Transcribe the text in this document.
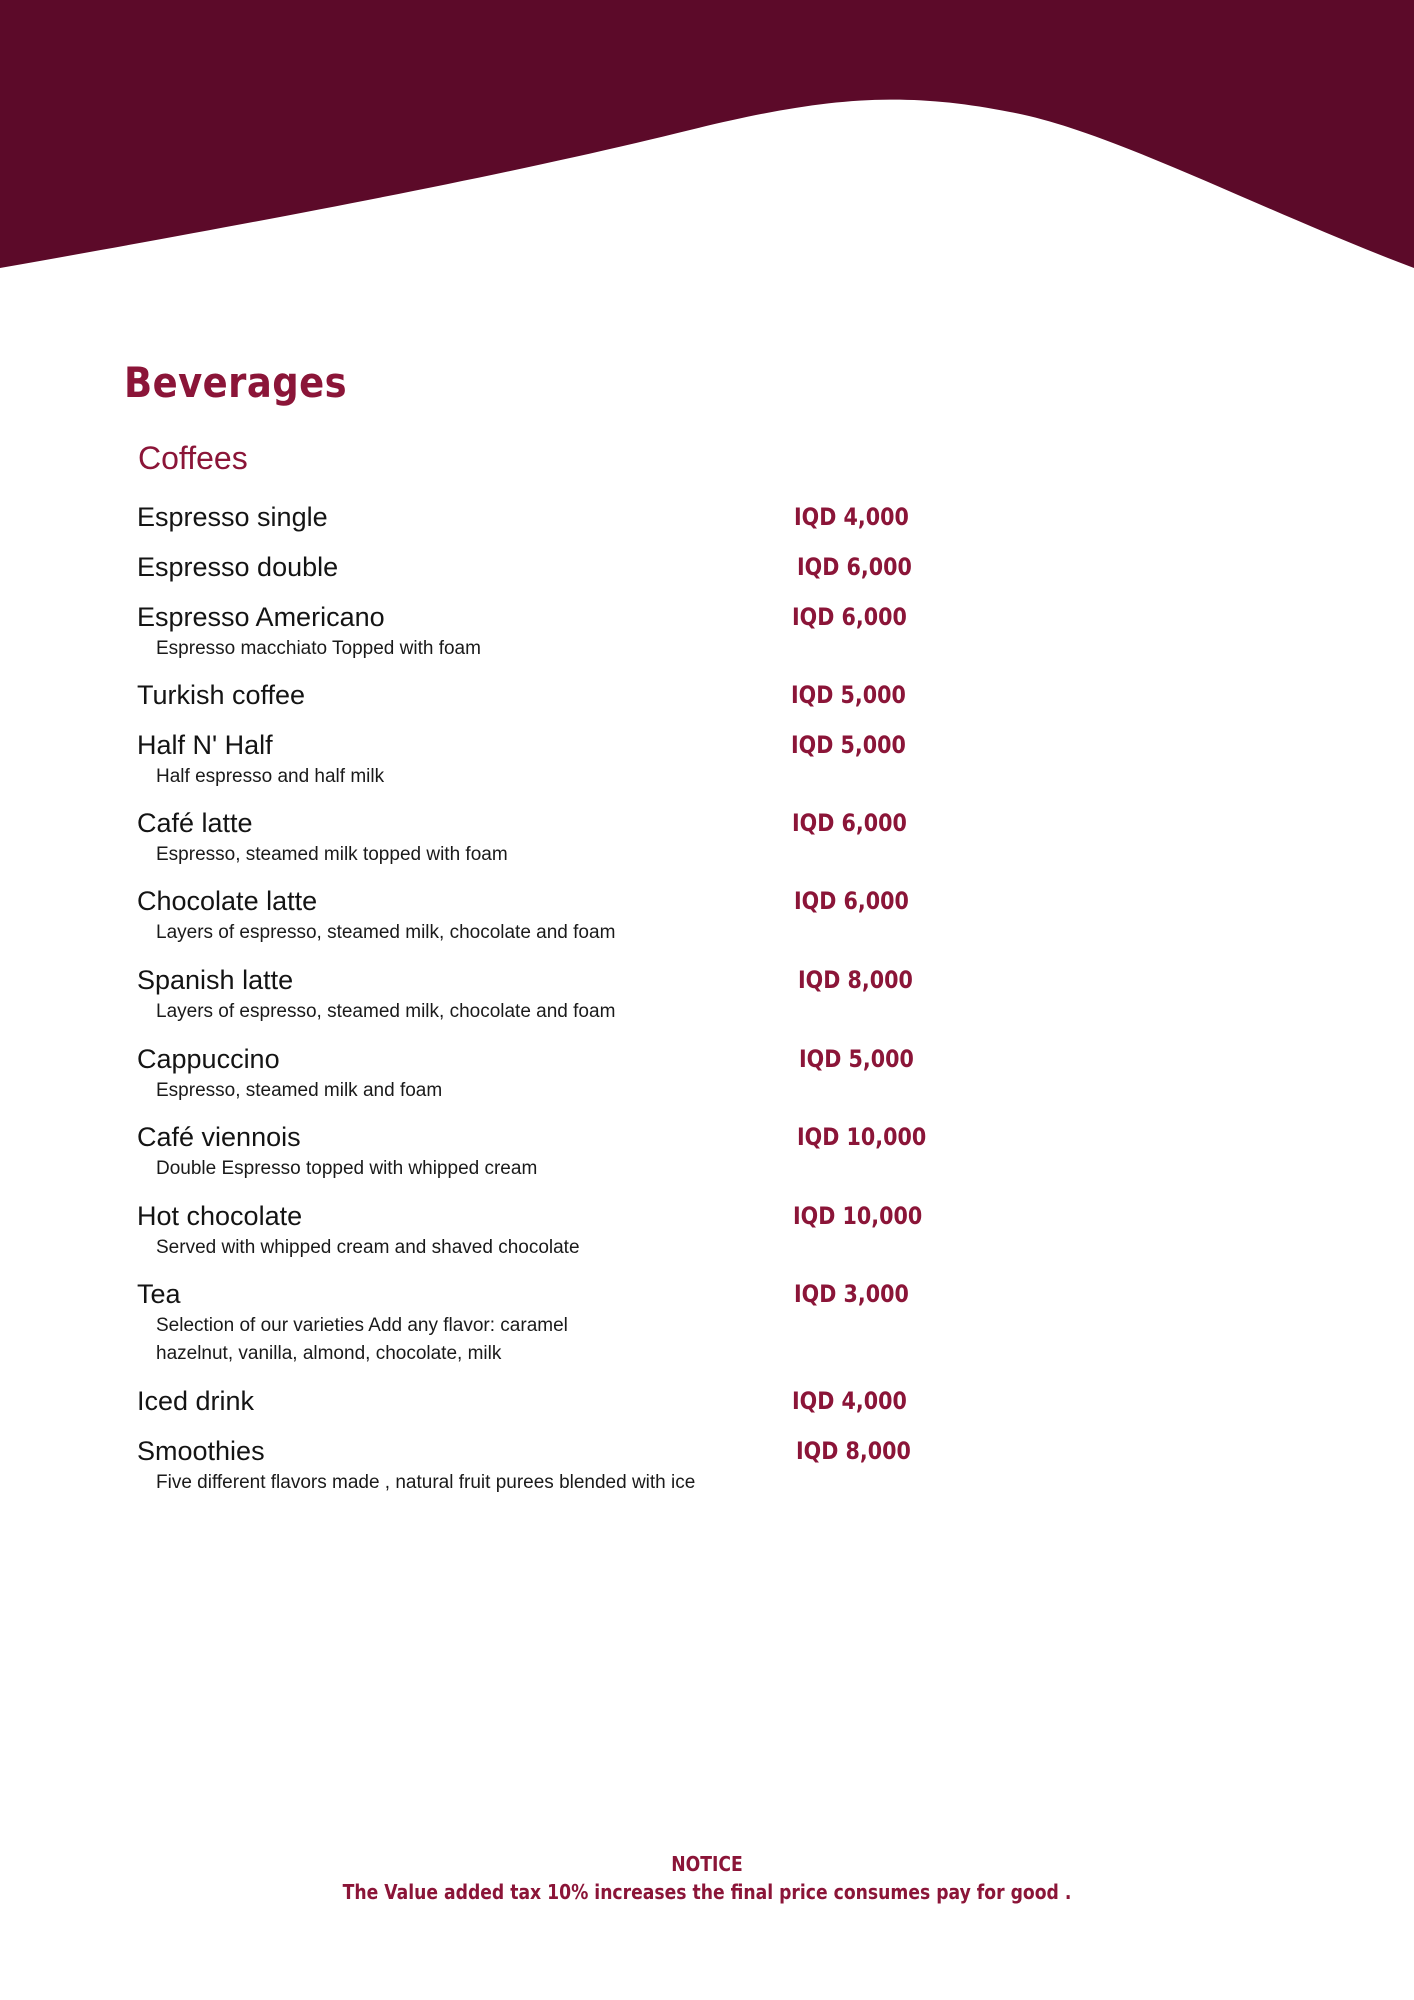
Beverages
Coffees
Espresso single	IQD 4,000
Espresso double	IQD 6,000
Espresso Americano	IQD 6,000
Espresso macchiato Topped with foam
Turkish coffee	IQD 5,000
Half N' Half	IQD 5,000
Half espresso and half milk
Café latte	IQD 6,000
Espresso, steamed milk topped with foam
Chocolate latte	IQD 6,000
Layers of espresso, steamed milk, chocolate and foam
Spanish latte	IQD 8,000
Layers of espresso, steamed milk, chocolate and foam
Cappuccino	IQD 5,000
Espresso, steamed milk and foam
Café viennois	IQD 10,000
Double Espresso topped with whipped cream
Hot chocolate	IQD 10,000
Served with whipped cream and shaved chocolate
Tea	IQD 3,000
Selection of our varieties Add any flavor: caramel
hazelnut, vanilla, almond, chocolate, milk
Iced drink	IQD 4,000
Smoothies	IQD 8,000
Five different flavors made , natural fruit purees blended with ice
NOTICE
The Value added tax 10% increases the final price consumes pay for good .
